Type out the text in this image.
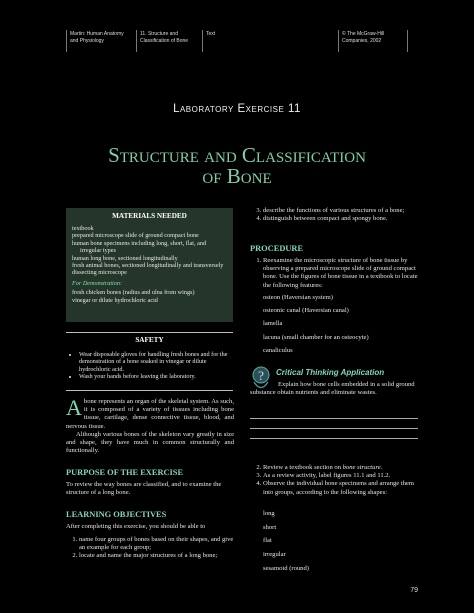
Martin: Human Anatomy and Physiology
11. Structure and Classification of Bone
Text	© The McGraw-Hill Companies, 2002
Laboratory Exercise 11
Structure and Classification
of Bone
MATERIALS NEEDED
textbook
prepared microscope slide of ground compact bone
human bone specimens including long, short, flat, and irregular types
human long bone, sectioned longitudinally
fresh animal bones, sectioned longitudinally and transversely
dissecting microscope
For Demonstration:
fresh chicken bones (radius and ulna from wings)
vinegar or dilute hydrochloric acid
SAFETY
• Wear disposable gloves for handling fresh bones and for the demonstration of a bone soaked in vinegar or dilute hydrochloric acid.
• Wash your hands before leaving the laboratory.
A bone represents an organ of the skeletal system. As such, it is composed of a variety of tissues including bone tissue, cartilage, dense connective tissue, blood, and nervous tissue.
Although various bones of the skeleton vary greatly in size and shape, they have much in common structurally and functionally.
PURPOSE OF THE EXERCISE
To review the way bones are classified, and to examine the structure of a long bone.
LEARNING OBJECTIVES
After completing this exercise, you should be able to
1. name four groups of bones based on their shapes, and give an example for each group;
2. locate and name the major structures of a long bone;
3. describe the functions of various structures of a bone;
4. distinguish between compact and spongy bone.
PROCEDURE
1. Reexamine the microscopic structure of bone tissue by observing a prepared microscope slide of ground compact bone. Use the figures of bone tissue in a textbook to locate the following features:
osteon (Haversian system)
osteonic canal (Haversian canal)
lamella
lacuna (small chamber for an osteocyte)
canaliculus
? Critical Thinking Application
Explain how bone cells embedded in a solid ground substance obtain nutrients and eliminate wastes.
2. Review a textbook section on bone structure.
3. As a review activity, label figures 11.1 and 11.2.
4. Observe the individual bone specimens and arrange them into groups, according to the following shapes:
long
short
flat
irregular
sesamoid (round)
79
